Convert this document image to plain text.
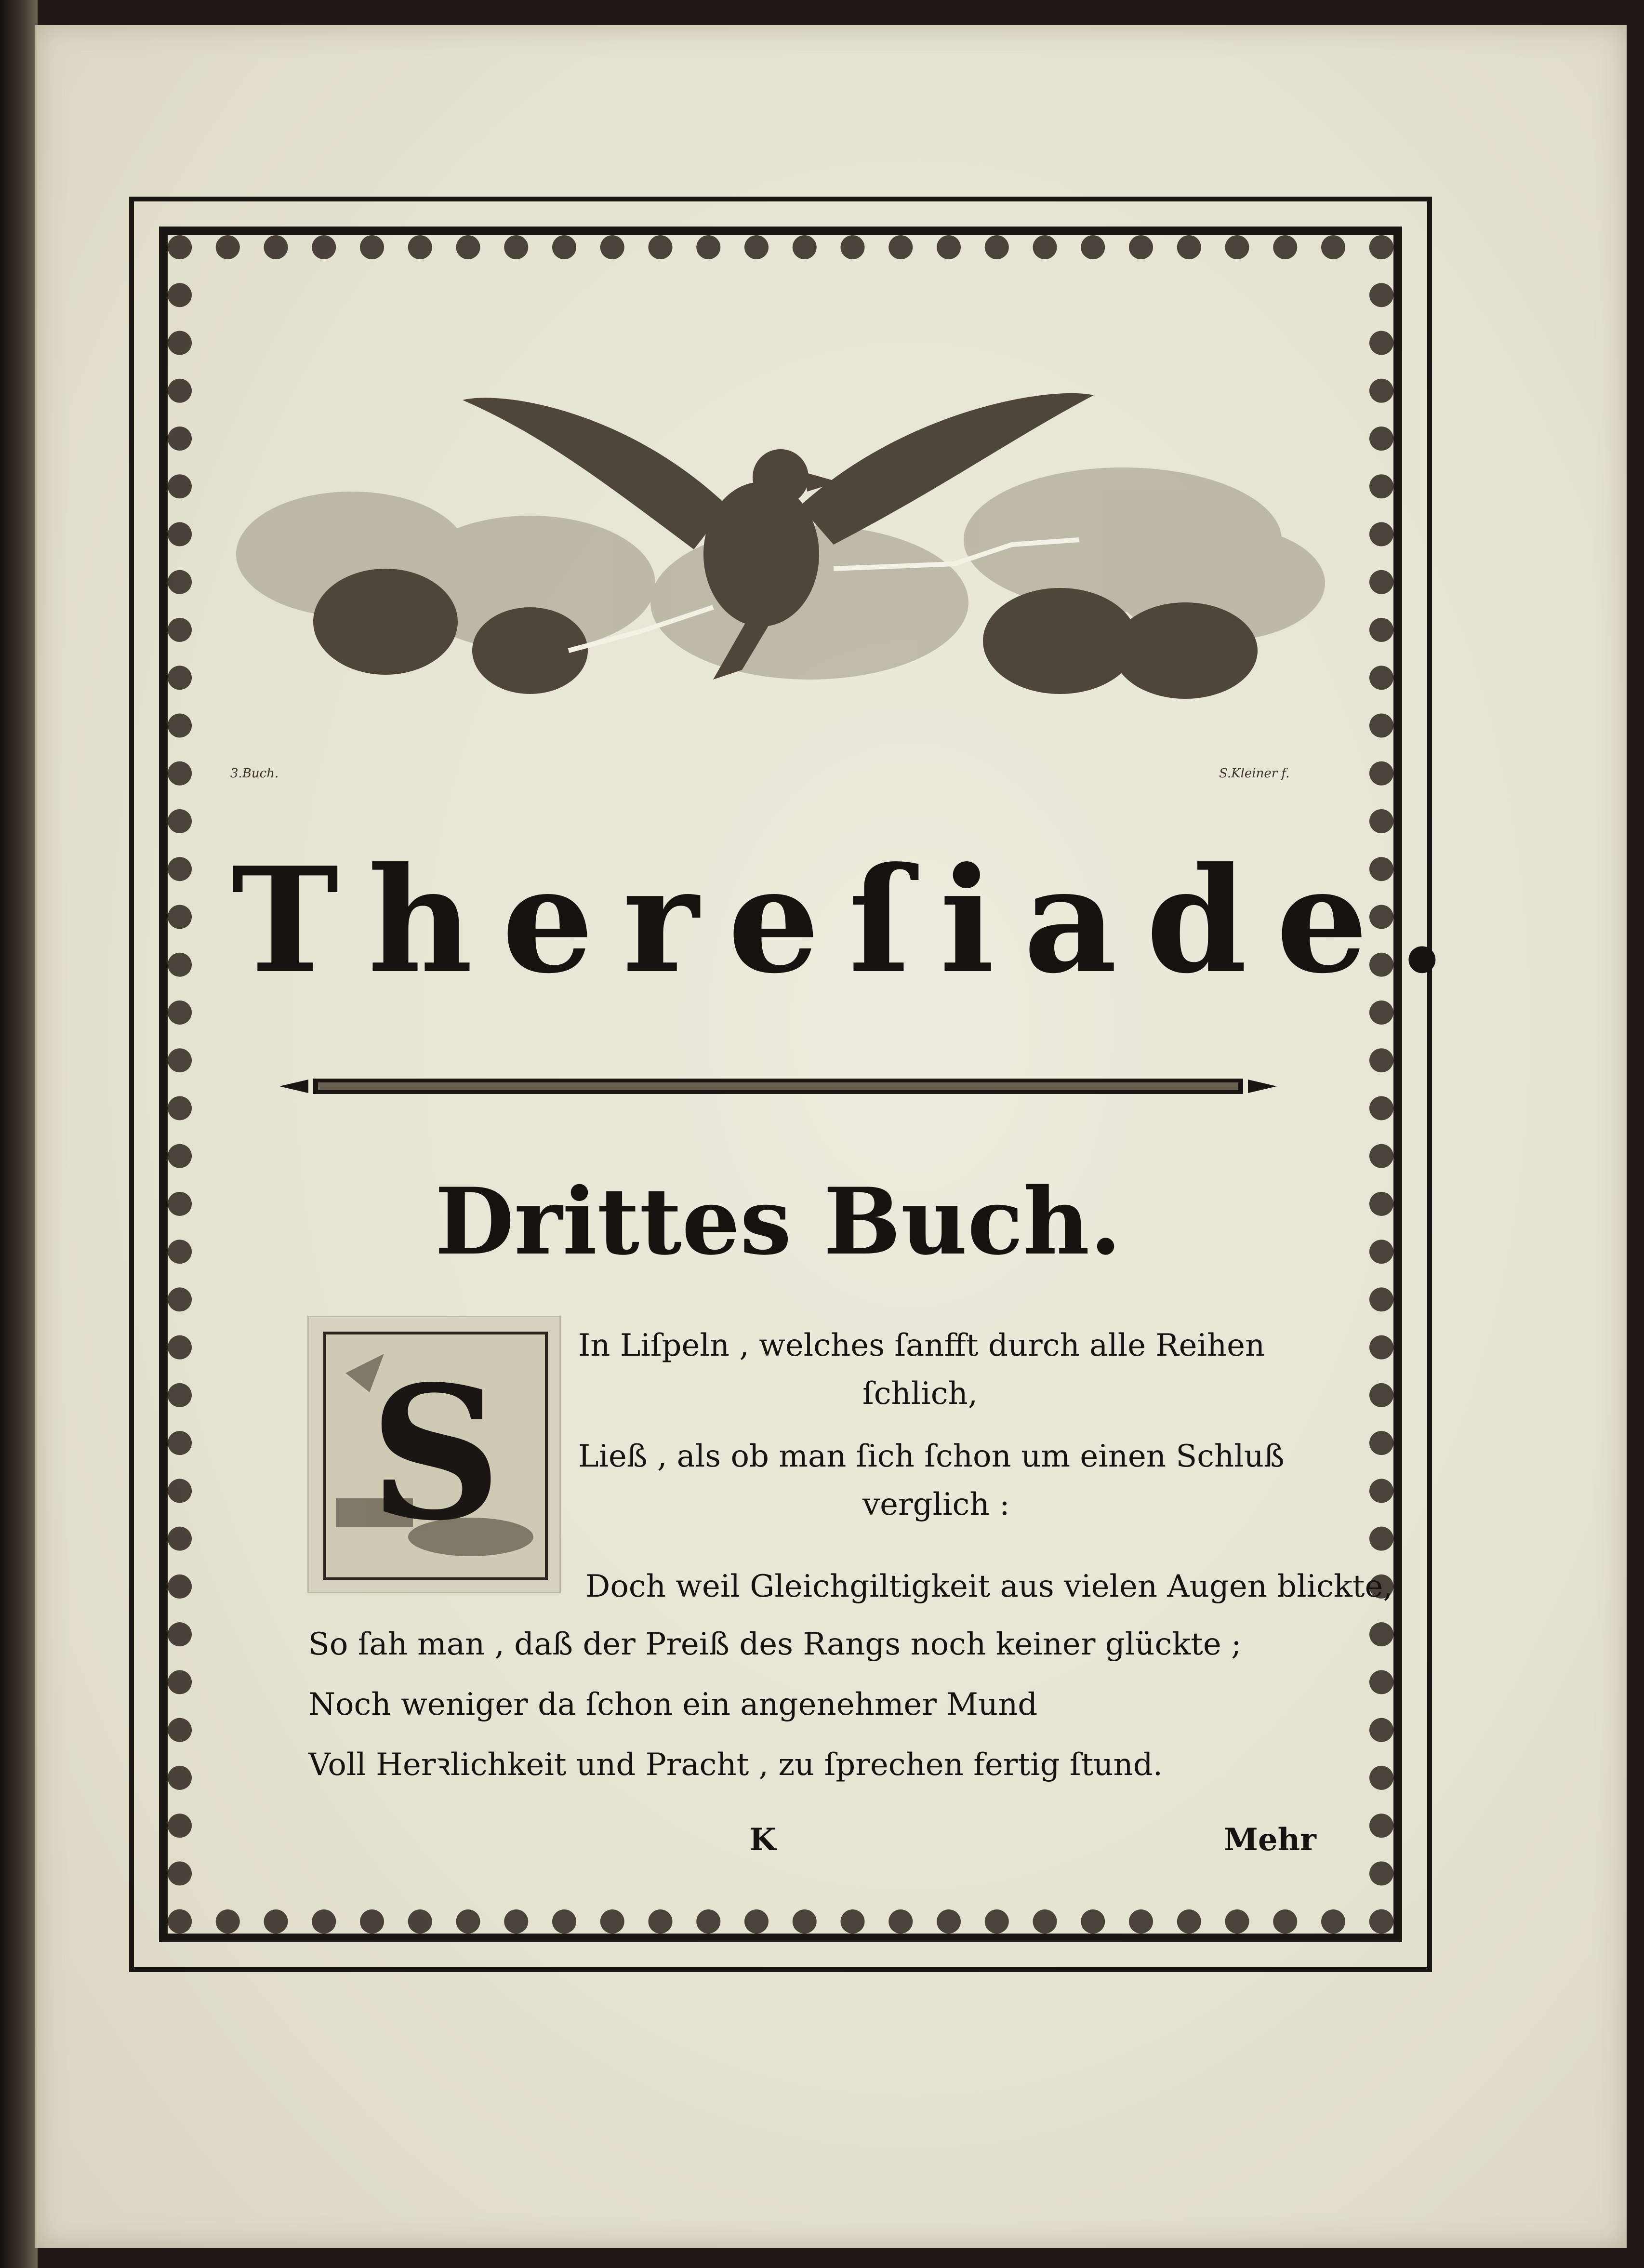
3.Buch.	S.Kleiner f.
Thereſiade.
Drittes Buch.
S In Liſpeln , welches ſanfft durch alle Reihen
ſchlich,
Ließ , als ob man ſich ſchon um einen Schluß
verglich :
Doch weil Gleichgiltigkeit aus vielen Augen blickte,
So ſah man , daß der Preiß des Rangs noch keiner glückte ;
Noch weniger da ſchon ein angenehmer Mund
Voll Herꝛlichkeit und Pracht , zu ſprechen fertig ſtund.
K	Mehr
